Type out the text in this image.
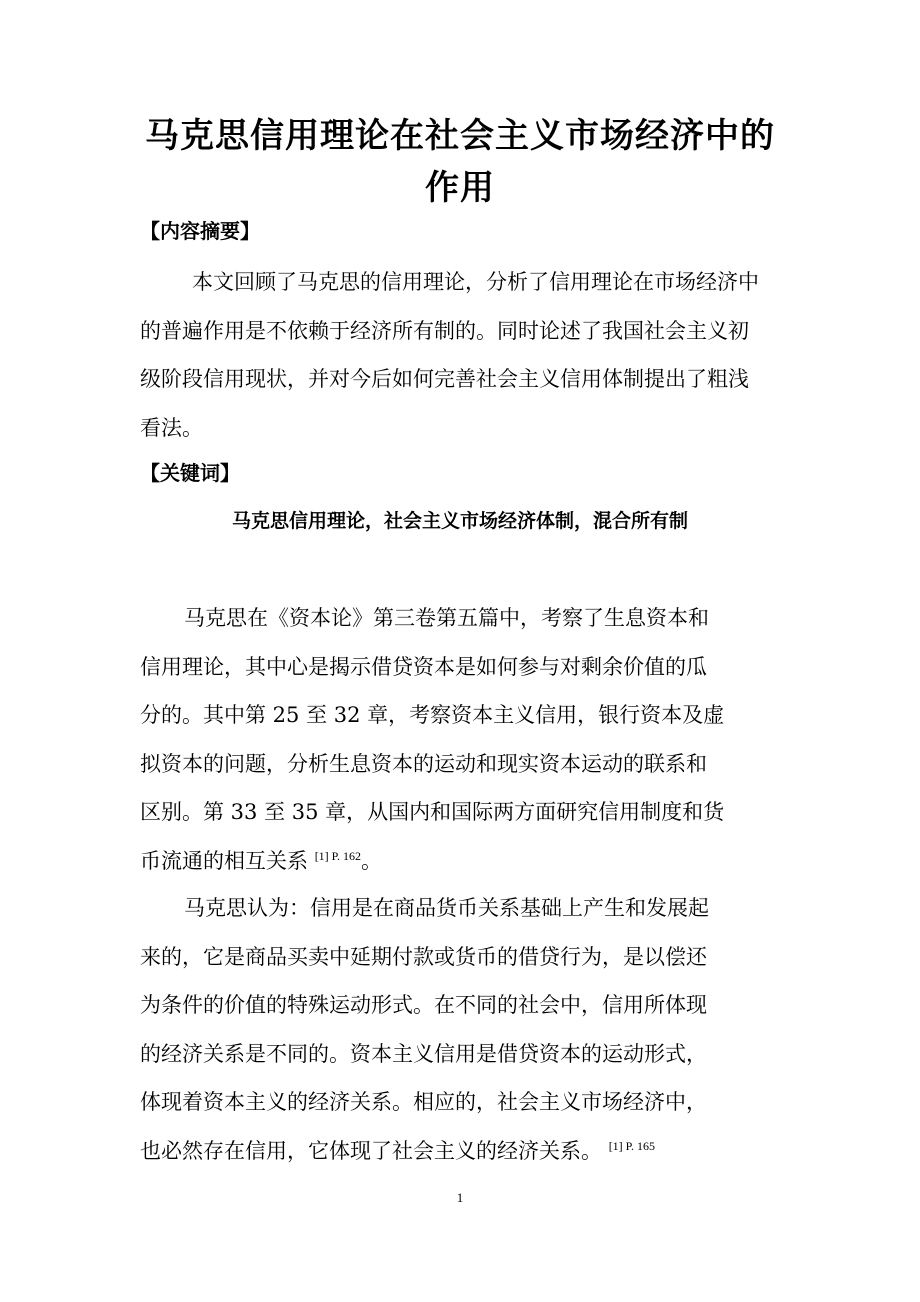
马克思信用理论在社会主义市场经济中的
作用
【内容摘要】
本文回顾了马克思的信用理论，分析了信用理论在市场经济中
的普遍作用是不依赖于经济所有制的。同时论述了我国社会主义初
级阶段信用现状，并对今后如何完善社会主义信用体制提出了粗浅
看法。
【关键词】
马克思信用理论，社会主义市场经济体制，混合所有制
马克思在《资本论》第三卷第五篇中，考察了生息资本和
信用理论，其中心是揭示借贷资本是如何参与对剩余价值的瓜
分的。其中第 25 至 32 章，考察资本主义信用，银行资本及虚
拟资本的问题，分析生息资本的运动和现实资本运动的联系和
区别。第 33 至 35 章，从国内和国际两方面研究信用制度和货
币流通的相互关系 $^{[1] P. 162}$。
马克思认为：信用是在商品货币关系基础上产生和发展起
来的，它是商品买卖中延期付款或货币的借贷行为，是以偿还
为条件的价值的特殊运动形式。在不同的社会中，信用所体现
的经济关系是不同的。资本主义信用是借贷资本的运动形式，
体现着资本主义的经济关系。相应的，社会主义市场经济中，
也必然存在信用，它体现了社会主义的经济关系。 $^{[1] P. 165}$
1
